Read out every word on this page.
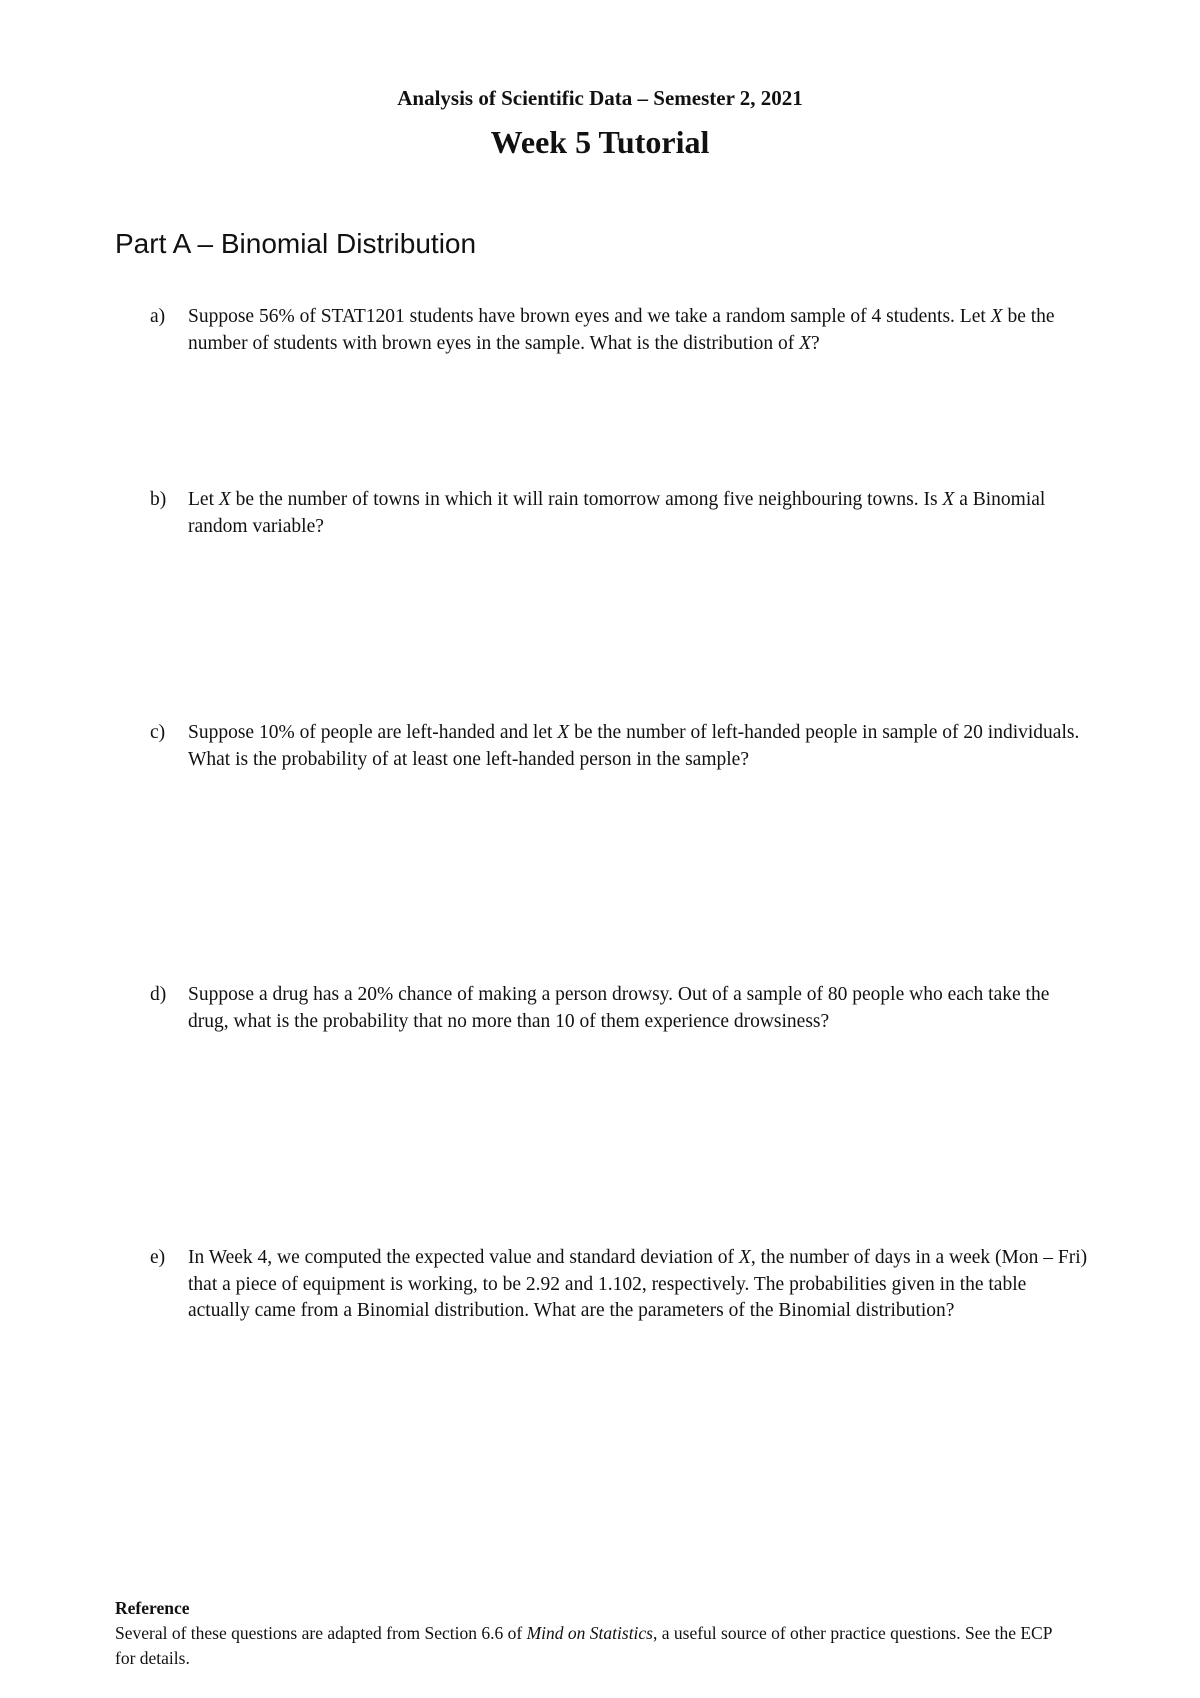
Analysis of Scientific Data – Semester 2, 2021
Week 5 Tutorial
Part A – Binomial Distribution
a) Suppose 56% of STAT1201 students have brown eyes and we take a random sample of 4 students. Let X be the number of students with brown eyes in the sample. What is the distribution of X?
b) Let X be the number of towns in which it will rain tomorrow among five neighbouring towns. Is X a Binomial random variable?
c) Suppose 10% of people are left-handed and let X be the number of left-handed people in sample of 20 individuals. What is the probability of at least one left-handed person in the sample?
d) Suppose a drug has a 20% chance of making a person drowsy. Out of a sample of 80 people who each take the drug, what is the probability that no more than 10 of them experience drowsiness?
e) In Week 4, we computed the expected value and standard deviation of X, the number of days in a week (Mon – Fri) that a piece of equipment is working, to be 2.92 and 1.102, respectively. The probabilities given in the table actually came from a Binomial distribution. What are the parameters of the Binomial distribution?
Reference
Several of these questions are adapted from Section 6.6 of Mind on Statistics, a useful source of other practice questions. See the ECP for details.
